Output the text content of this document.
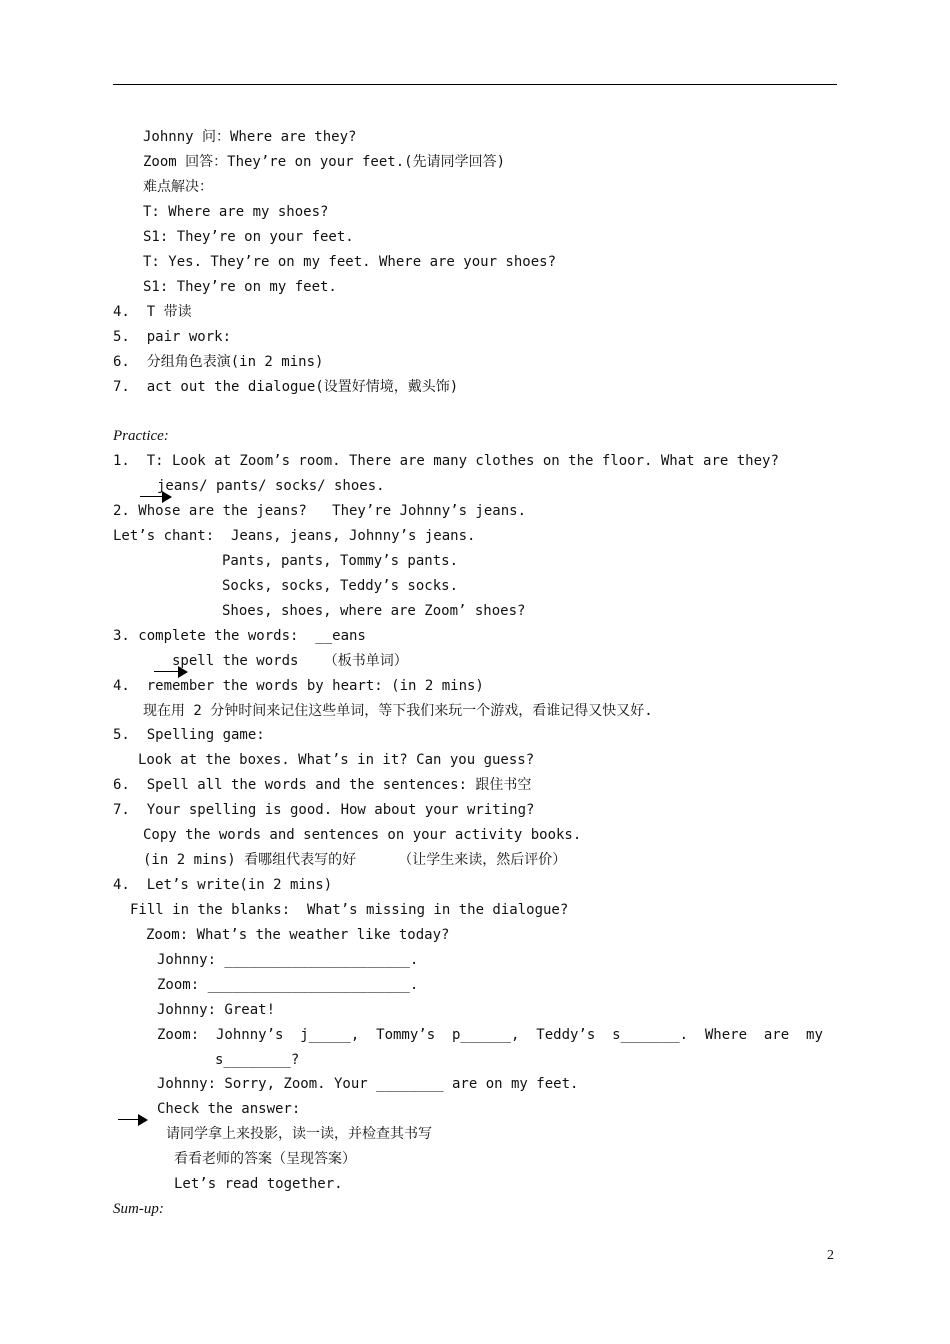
Johnny 问：Where are they?
Zoom 回答：They’re on your feet.(先请同学回答)
难点解决：
T: Where are my shoes?
S1: They’re on your feet.
T: Yes. They’re on my feet. Where are your shoes?
S1: They’re on my feet.
4.  T 带读
5.  pair work:
6.  分组角色表演(in 2 mins)
7.  act out the dialogue(设置好情境，戴头饰)
Practice:
1.  T: Look at Zoom’s room. There are many clothes on the floor. What are they?
jeans/ pants/ socks/ shoes.
2. Whose are the jeans?   They’re Johnny’s jeans.
Let’s chant:  Jeans, jeans, Johnny’s jeans.
Pants, pants, Tommy’s pants.
Socks, socks, Teddy’s socks.
Shoes, shoes, where are Zoom’ shoes?
3. complete the words:  __eans
spell the words   （板书单词）
4.  remember the words by heart: (in 2 mins)
现在用 2 分钟时间来记住这些单词，等下我们来玩一个游戏，看谁记得又快又好.
5.  Spelling game:
Look at the boxes. What’s in it? Can you guess?
6.  Spell all the words and the sentences: 跟住书空
7.  Your spelling is good. How about your writing?
Copy the words and sentences on your activity books.
(in 2 mins) 看哪组代表写的好     （让学生来读，然后评价）
4.  Let’s write(in 2 mins)
Fill in the blanks:  What’s missing in the dialogue?
Zoom: What’s the weather like today?
Johnny: ______________________.
Zoom: ________________________.
Johnny: Great!
Zoom:  Johnny’s  j_____,  Tommy’s  p______,  Teddy’s  s_______.  Where  are  my
s________?
Johnny: Sorry, Zoom. Your ________ are on my feet.
Check the answer:
请同学拿上来投影，读一读，并检查其书写
看看老师的答案（呈现答案）
Let’s read together.
Sum-up:
2
